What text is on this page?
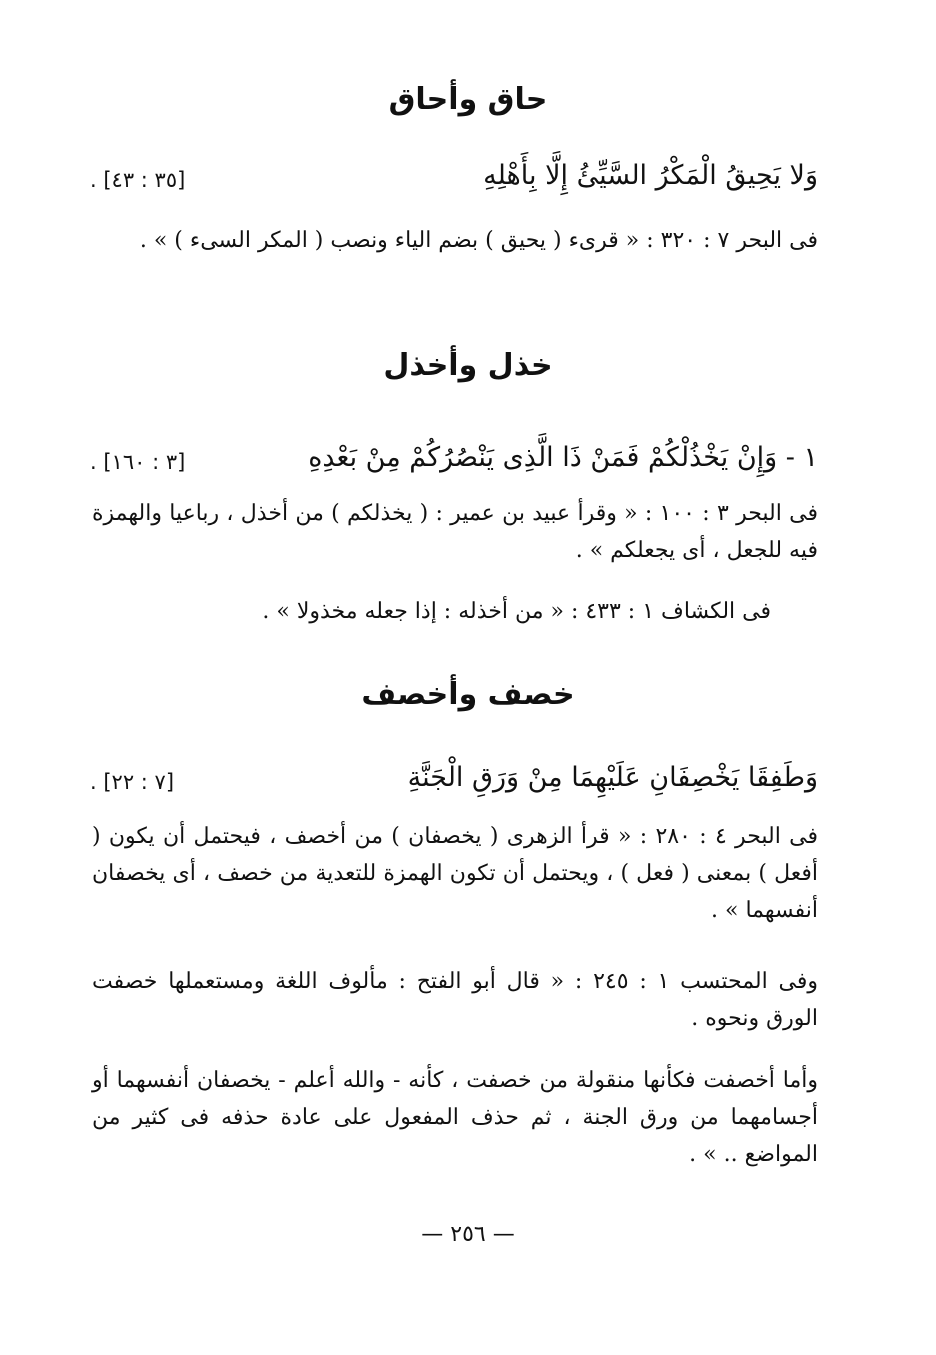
حاق وأحاق
وَلا يَحِيقُ الْمَكْرُ السَّيِّئُ إِلَّا بِأَهْلِهِ
[٣٥ : ٤٣] .
فى البحر ٧ : ٣٢٠ : « قرىء ( يحيق ) بضم الياء ونصب ( المكر السىء ) » .
خذل وأخذل
١ - وَإِنْ يَخْذُلْكُمْ فَمَنْ ذَا الَّذِى يَنْصُرُكُمْ مِنْ بَعْدِهِ
[٣ : ١٦٠] .
فى البحر ٣ : ١٠٠ : « وقرأ عبيد بن عمير : ( يخذلكم ) من أخذل ، رباعيا والهمزة فيه للجعل ، أى يجعلكم » .
فى الكشاف ١ : ٤٣٣ : « من أخذله : إذا جعله مخذولا » .
خصف وأخصف
وَطَفِقَا يَخْصِفَانِ عَلَيْهِمَا مِنْ وَرَقِ الْجَنَّةِ
[٧ : ٢٢] .
فى البحر ٤ : ٢٨٠ : « قرأ الزهرى ( يخصفان ) من أخصف ، فيحتمل أن يكون ( أفعل ) بمعنى ( فعل ) ، ويحتمل أن تكون الهمزة للتعدية من خصف ، أى يخصفان أنفسهما » .
وفى المحتسب ١ : ٢٤٥ : « قال أبو الفتح : مألوف اللغة ومستعملها خصفت الورق ونحوه .
وأما أخصفت فكأنها منقولة من خصفت ، كأنه - والله أعلم - يخصفان أنفسهما أو أجسامهما من ورق الجنة ، ثم حذف المفعول على عادة حذفه فى كثير من المواضع .. » .
— ٢٥٦ —
